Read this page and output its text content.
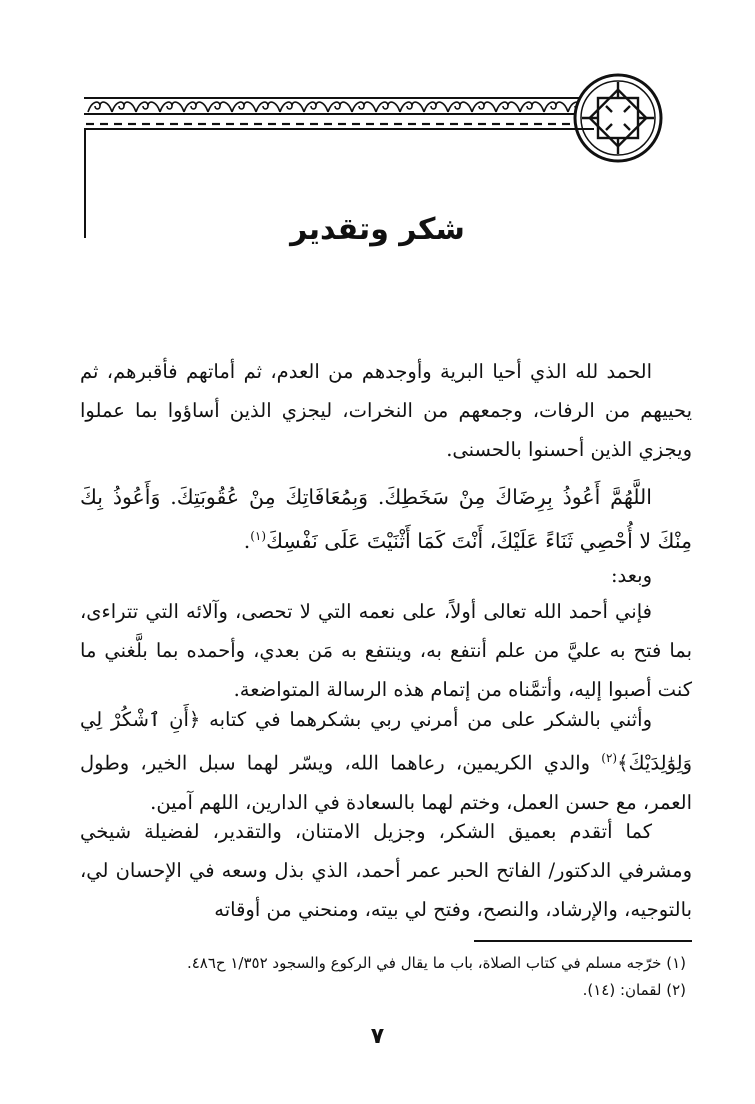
شكر وتقدير

الحمد لله الذي أحيا البرية وأوجدهم من العدم، ثم أماتهم فأقبرهم، ثم يحييهم من الرفات، وجمعهم من النخرات، ليجزي الذين أساؤوا بما عملوا ويجزي الذين أحسنوا بالحسنى.

اللَّهُمَّ أَعُوذُ بِرِضَاكَ مِنْ سَخَطِكَ. وَبِمُعَافَاتِكَ مِنْ عُقُوبَتِكَ. وَأَعُوذُ بِكَ مِنْكَ لا أُحْصِي ثَنَاءً عَلَيْكَ، أَنْتَ كَمَا أَثْنَيْتَ عَلَى نَفْسِكَ$^{(١)}$.

وبعد:

فإني أحمد الله تعالى أولاً، على نعمه التي لا تحصى، وآلائه التي تتراءى، بما فتح به عليَّ من علم أنتفع به، وينتفع به مَن بعدي، وأحمده بما بلَّغني ما كنت أصبوا إليه، وأتمَّناه من إتمام هذه الرسالة المتواضعة.

وأثني بالشكر على من أمرني ربي بشكرهما في كتابه ﴿أَنِ ٱشْكُرْ لِي وَلِوَٰلِدَيْكَ﴾$^{(٢)}$ والدي الكريمين، رعاهما الله، ويسّر لهما سبل الخير، وطول العمر، مع حسن العمل، وختم لهما بالسعادة في الدارين، اللهم آمين.

كما أتقدم بعميق الشكر، وجزيل الامتنان، والتقدير، لفضيلة شيخي ومشرفي الدكتور/ الفاتح الحبر عمر أحمد، الذي بذل وسعه في الإحسان لي، بالتوجيه، والإرشاد، والنصح، وفتح لي بيته، ومنحني من أوقاته

(١) خرّجه مسلم في كتاب الصلاة، باب ما يقال في الركوع والسجود ١/٣٥٢ ح٤٨٦.
(٢) لقمان: (١٤).
٧
